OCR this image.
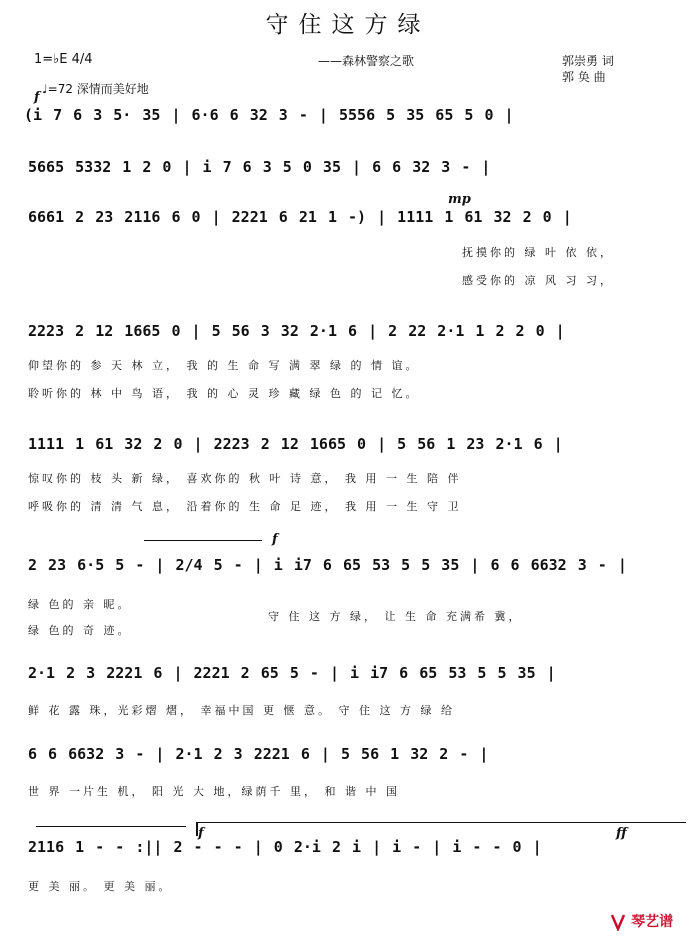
守住这方绿
1=♭E 4/4
♩=72 深情而美好地
——森林警察之歌	郭崇勇 词
郭 奂 曲
f
mp
f
f	ff
(i 7 6 3 5· 35 | 6·6 6 32 3 - | 5556 5 35 65 5 0 |
5665 5332 1 2 0 | i 7 6 3 5 0 35 | 6 6 32 3 - |
6661 2 23 2116 6 0 | 2221 6 21 1 -) | 1111 1 61 32 2 0 |
抚摸你的 绿 叶 依 依，
感受你的 凉 风 习 习，
2223 2 12 1665 0 | 5 56 3 32 2·1 6 | 2 22 2·1 1 2 2 0 |
仰望你的 参 天 林 立， 我 的 生 命 写 满 翠 绿 的 情 谊。
聆听你的 林 中 鸟 语， 我 的 心 灵 珍 藏 绿 色 的 记 忆。
1111 1 61 32 2 0 | 2223 2 12 1665 0 | 5 56 1 23 2·1 6 |
惊叹你的 枝 头 新 绿， 喜欢你的 秋 叶 诗 意， 我 用 一 生 陪 伴
呼吸你的 清 清 气 息， 沿着你的 生 命 足 迹， 我 用 一 生 守 卫
2 23 6·5 5 - | 2/4 5 - | i i7 6 65 53 5 5 35 | 6 6 6632 3 - |
绿 色的 亲 昵。
守 住 这 方 绿， 让 生 命 充满希 冀，
绿 色的 奇 迹。
2·1 2 3 2221 6 | 2221 2 65 5 - | i i7 6 65 53 5 5 35 |
鲜 花 露 珠，光彩熠 熠， 幸福中国 更 惬 意。 守 住 这 方 绿 给
6 6 6632 3 - | 2·1 2 3 2221 6 | 5 56 1 32 2 - |
世 界 一片生 机， 阳 光 大 地，绿荫千 里， 和 谐 中 国
2116 1 - - :|| 2 - - - | 0 2·i 2 i | i - | i - - 0 |
更 美 丽。 更 美 丽。
琴艺谱
